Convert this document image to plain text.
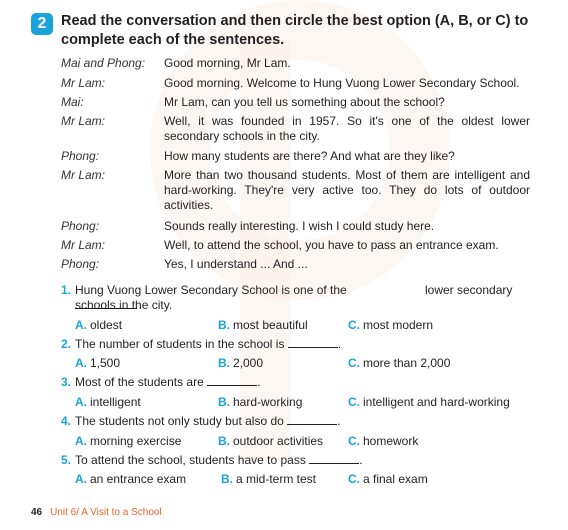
2	Read the conversation and then circle the best option (A, B, or C) to complete each of the sentences.
Mai and Phong:	Good morning, Mr Lam.
Mr Lam:	Good morning. Welcome to Hung Vuong Lower Secondary School.
Mai:	Mr Lam, can you tell us something about the school?
Mr Lam:	Well, it was founded in 1957. So it's one of the oldest lower secondary schools in the city.
Phong:	How many students are there? And what are they like?
Mr Lam:	More than two thousand students. Most of them are intelligent and hard-working. They're very active too. They do lots of outdoor activities.
Phong:	Sounds really interesting. I wish I could study here.
Mr Lam:	Well, to attend the school, you have to pass an entrance exam.
Phong:	Yes, I understand ... And ...
1. Hung Vuong Lower Secondary School is one of the	lower secondary
schools in the city.
A. oldest	B. most beautiful	C. most modern
2. The number of students in the school is	.
A. 1,500	B. 2,000	C. more than 2,000
3. Most of the students are	.
A. intelligent	B. hard-working	C. intelligent and hard-working
4. The students not only study but also do	.
A. morning exercise	B. outdoor activities C. homework
5. To attend the school, students have to pass	.
A. an entrance exam	B. a mid-term test	C. a final exam
46 Unit 6/ A Visit to a School
